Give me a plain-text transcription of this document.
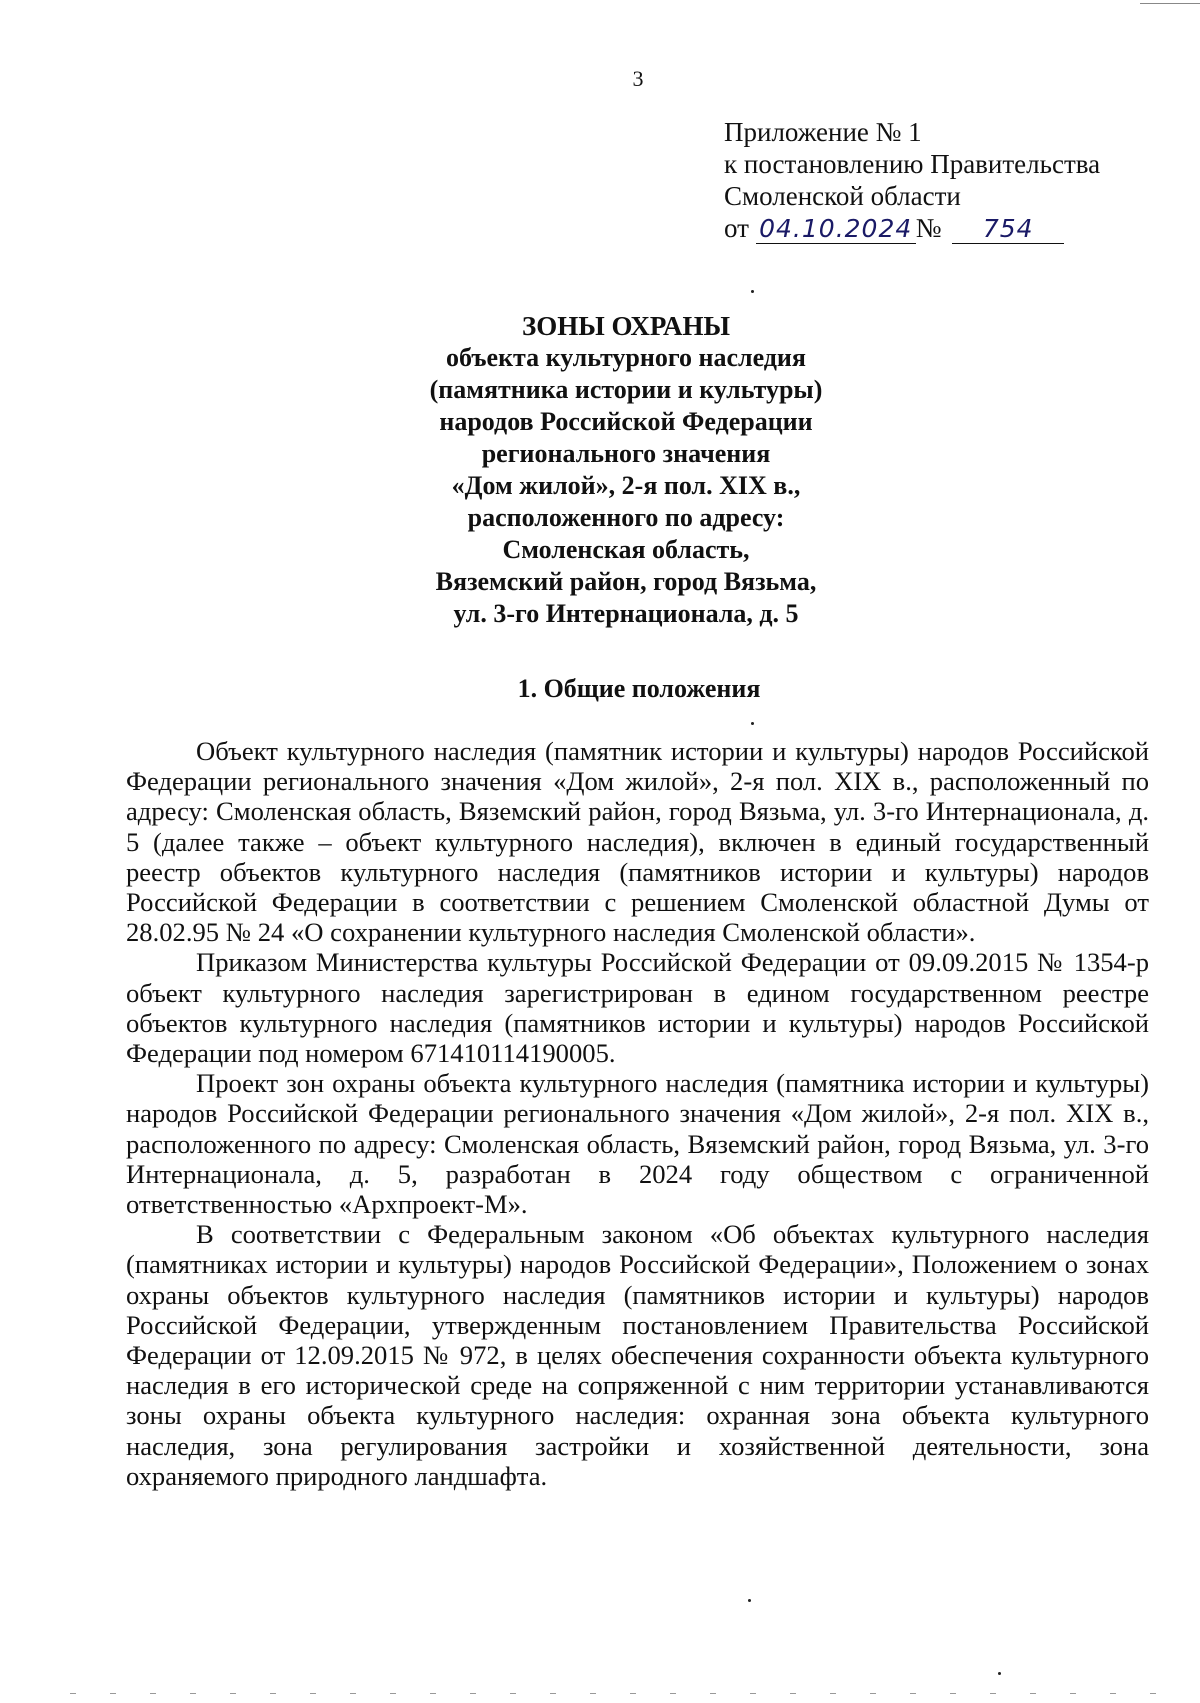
3
Приложение № 1
к постановлению Правительства
Смоленской области
от 04.10.2024 № 754
ЗОНЫ ОХРАНЫ
объекта культурного наследия
(памятника истории и культуры)
народов Российской Федерации
регионального значения
«Дом жилой», 2-я пол. XIX в.,
расположенного по адресу:
Смоленская область,
Вяземский район, город Вязьма,
ул. 3-го Интернационала, д. 5
1. Общие положения

Объект культурного наследия (памятник истории и культуры) народов Российской Федерации регионального значения «Дом жилой», 2-я пол. XIX в., расположенный по адресу: Смоленская область, Вяземский район, город Вязьма, ул. 3-го Интернационала, д. 5 (далее также – объект культурного наследия), включен в единый государственный реестр объектов культурного наследия (памятников истории и культуры) народов Российской Федерации в соответствии с решением Смоленской областной Думы от 28.02.95 № 24 «О сохранении культурного наследия Смоленской области».

Приказом Министерства культуры Российской Федерации от 09.09.2015 № 1354-р объект культурного наследия зарегистрирован в едином государственном реестре объектов культурного наследия (памятников истории и культуры) народов Российской Федерации под номером 671410114190005.

Проект зон охраны объекта культурного наследия (памятника истории и культуры) народов Российской Федерации регионального значения «Дом жилой», 2-я пол. XIX в., расположенного по адресу: Смоленская область, Вяземский район, город Вязьма, ул. 3-го Интернационала, д. 5, разработан в 2024 году обществом с ограниченной ответственностью «Архпроект-М».

В соответствии с Федеральным законом «Об объектах культурного наследия (памятниках истории и культуры) народов Российской Федерации», Положением о зонах охраны объектов культурного наследия (памятников истории и культуры) народов Российской Федерации, утвержденным постановлением Правительства Российской Федерации от 12.09.2015 № 972, в целях обеспечения сохранности объекта культурного наследия в его исторической среде на сопряженной с ним территории устанавливаются зоны охраны объекта культурного наследия: охранная зона объекта культурного наследия, зона регулирования застройки и хозяйственной деятельности, зона охраняемого природного ландшафта.
